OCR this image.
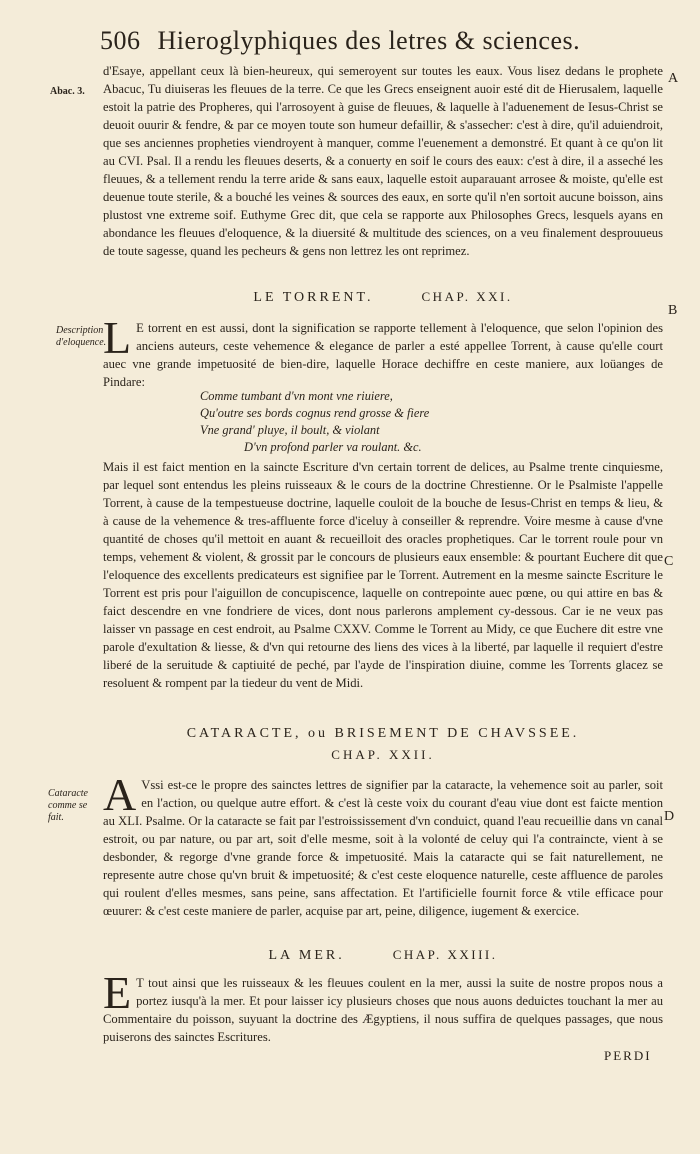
506 Hieroglyphiques des letres & sciences.
Abac. 3.
A
B
C
D
Description d'eloquence.
Cataracte comme se fait.

d'Esaye, appellant ceux là bien-heureux, qui semeroyent sur toutes les eaux. Vous lisez dedans le prophete Abacuc, Tu diuiseras les fleuues de la terre. Ce que les Grecs enseignent auoir esté dit de Hierusalem, laquelle estoit la patrie des Propheres, qui l'arrosoyent à guise de fleuues, & laquelle à l'aduenement de Iesus-Christ se deuoit ouurir & fendre, & par ce moyen toute son humeur defaillir, & s'assecher: c'est à dire, qu'il aduiendroit, que ses anciennes propheties viendroyent à manquer, comme l'euenement a demonstré. Et quant à ce qu'on lit au CVI. Psal. Il a rendu les fleuues deserts, & a conuerty en soif le cours des eaux: c'est à dire, il a asseché les fleuues, & a tellement rendu la terre aride & sans eaux, laquelle estoit auparauant arrosee & moiste, qu'elle est deuenue toute sterile, & a bouché les veines & sources des eaux, en sorte qu'il n'en sortoit aucune boisson, ains plustost vne extreme soif. Euthyme Grec dit, que cela se rapporte aux Philosophes Grecs, lesquels ayans en abondance les fleuues d'eloquence, & la diuersité & multitude des sciences, on a veu finalement desprouueus de toute sagesse, quand les pecheurs & gens non lettrez les ont reprimez.

LE TORRENT.	CHAP. XXI.
L E torrent en est aussi, dont la signification se rapporte tellement à l'eloquence, que selon l'opinion des anciens auteurs, ceste vehemence & elegance de parler a esté appellee Torrent, à cause qu'elle court auec vne grande impetuosité de bien-dire, laquelle Horace dechiffre en ceste maniere, aux loüanges de Pindare:

Comme tumbant d'vn mont vne riuiere,
Qu'outre ses bords cognus rend grosse & fiere
Vne grand' pluye, il boult, & violant
D'vn profond parler va roulant. &c.

Mais il est faict mention en la saincte Escriture d'vn certain torrent de delices, au Psalme trente cinquiesme, par lequel sont entendus les pleins ruisseaux & le cours de la doctrine Chrestienne. Or le Psalmiste l'appelle Torrent, à cause de la tempestueuse doctrine, laquelle couloit de la bouche de Iesus-Christ en temps & lieu, & à cause de la vehemence & tres-affluente force d'iceluy à conseiller & reprendre. Voire mesme à cause d'vne quantité de choses qu'il mettoit en auant & recueilloit des oracles prophetiques. Car le torrent roule pour vn temps, vehement & violent, & grossit par le concours de plusieurs eaux ensemble: & pourtant Euchere dit que l'eloquence des excellents predicateurs est signifiee par le Torrent. Autrement en la mesme saincte Escriture le Torrent est pris pour l'aiguillon de concupiscence, laquelle on contrepointe auec pœne, ou qui attire en bas & faict descendre en vne fondriere de vices, dont nous parlerons amplement cy-dessous. Car ie ne veux pas laisser vn passage en cest endroit, au Psalme CXXV. Comme le Torrent au Midy, ce que Euchere dit estre vne parole d'exultation & liesse, & d'vn qui retourne des liens des vices à la liberté, par laquelle il requiert d'estre liberé de la seruitude & captiuité de peché, par l'ayde de l'inspiration diuine, comme les Torrents glacez se resoluent & rompent par la tiedeur du vent de Midi.

CATARACTE, ou BRISEMENT DE CHAVSSEE.
CHAP. XXII.
A Vssi est-ce le propre des sainctes lettres de signifier par la cataracte, la vehemence soit au parler, soit en l'action, ou quelque autre effort. & c'est là ceste voix du courant d'eau viue dont est faicte mention au XLI. Psalme. Or la cataracte se fait par l'estroississement d'vn conduict, quand l'eau recueillie dans vn canal estroit, ou par nature, ou par art, soit d'elle mesme, soit à la volonté de celuy qui l'a contraincte, vient à se desbonder, & regorge d'vne grande force & impetuosité. Mais la cataracte qui se fait naturellement, ne represente autre chose qu'vn bruit & impetuosité; & c'est ceste eloquence naturelle, ceste affluence de paroles qui roulent d'elles mesmes, sans peine, sans affectation. Et l'artificielle fournit force & vtile efficace pour œuurer: & c'est ceste maniere de parler, acquise par art, peine, diligence, iugement & exercice.

LA MER.	CHAP. XXIII.
E T tout ainsi que les ruisseaux & les fleuues coulent en la mer, aussi la suite de nostre propos nous a portez iusqu'à la mer. Et pour laisser icy plusieurs choses que nous auons deduictes touchant la mer au Commentaire du poisson, suyuant la doctrine des Ægyptiens, il nous suffira de quelques passages, que nous puiserons des sainctes Escritures.

PERDI
